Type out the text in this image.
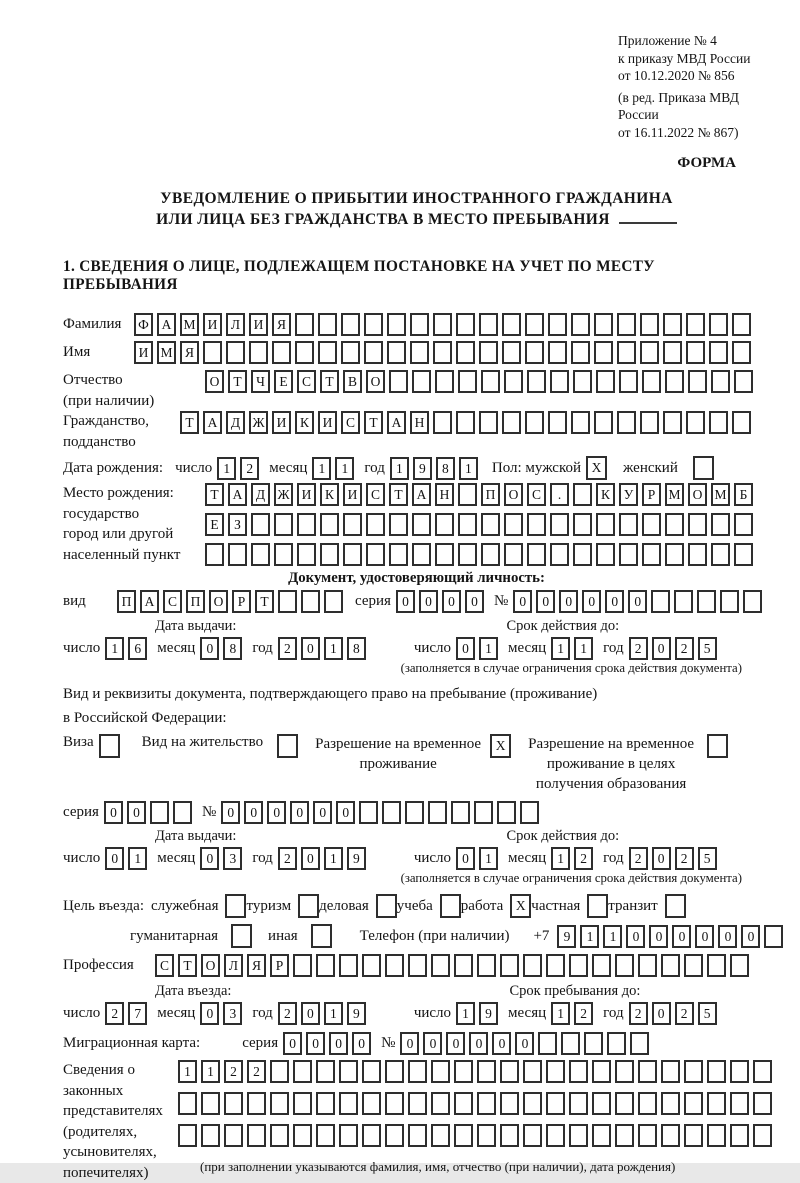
Приложение № 4
к приказу МВД России
от 10.12.2020 № 856
(в ред. Приказа МВД России
от 16.11.2022 № 867)
ФОРМА
УВЕДОМЛЕНИЕ О ПРИБЫТИИ ИНОСТРАННОГО ГРАЖДАНИНА
ИЛИ ЛИЦА БЕЗ ГРАЖДАНСТВА В МЕСТО ПРЕБЫВАНИЯ
1. СВЕДЕНИЯ О ЛИЦЕ, ПОДЛЕЖАЩЕМ ПОСТАНОВКЕ НА УЧЕТ ПО МЕСТУ ПРЕБЫВАНИЯ
Фамилия	Ф А М И	Л	И	Я
Имя	И М Я
Отчество
(при наличии)
О	Т	Ч	Е	С	Т	В	О
Гражданство,
подданство
Т	А	Д Ж И	К	И	С	Т	А Н
Дата рождения: число 1	2	месяц 1	1	год 1	9	8	1	Пол: мужской X	женский
Место рождения:
государство
город или другой
населенный пункт
Т	А	Д Ж И	К	И	С	Т	А Н	П О	С	.	К	У	Р М О М Б
Е	З
Документ, удостоверяющий личность:
вид	П А	С	П О	Р	Т	серия 0	0	0	0	№ 0	0	0	0	0	0
Дата выдачи:	Срок действия до:
число 1	6	месяц 0	8	год 2	0	1	8	число 0	1	месяц 1	1	год 2	0	2	5
(заполняется в случае ограничения срока действия документа)
Вид и реквизиты документа, подтверждающего право на пребывание (проживание)
в Российской Федерации:
Виза	Вид на жительство	Разрешение на временное проживание
X	Разрешение на временное проживание в целях получения образования
серия 0	0	№ 0	0	0	0	0	0
Дата выдачи:	Срок действия до:
число 0	1	месяц 0	3	год 2	0	1	9	число 0	1	месяц 1	2	год 2	0	2	5
(заполняется в случае ограничения срока действия документа)
Цель въезда: служебная туризм деловая учеба работа X частная транзит
гуманитарная	иная	Телефон (при наличии) +7	9	1	1	0	0	0	0	0	0
Профессия	С	Т	О	Л	Я	Р
Дата въезда:	Срок пребывания до:
число 2	7	месяц 0	3	год 2	0	1	9	число 1	9	месяц 1	2	год 2	0	2	5
Миграционная карта:	серия 0	0	0	0	№ 0	0	0	0	0	0
Сведения о
законных
представителях
(родителях,
усыновителях,
попечителях)
1	1	2	2
(при заполнении указываются фамилия, имя, отчество (при наличии), дата рождения)
